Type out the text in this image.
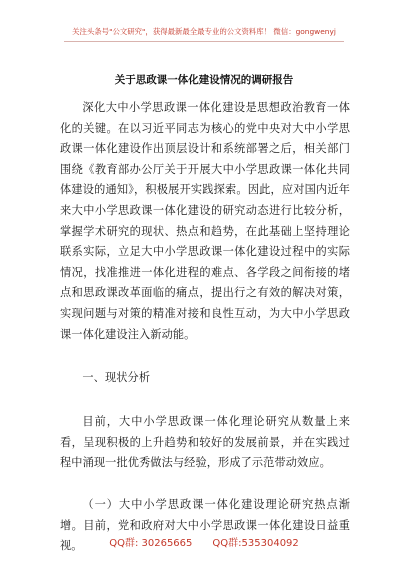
关注头条号"公文研究"，获得最新最全最专业的公文资料库！ 微信：gongwenyj
关于思政课一体化建设情况的调研报告

深化大中小学思政课一体化建设是思想政治教育一体化的关键。在以习近平同志为核心的党中央对大中小学思政课一体化建设作出顶层设计和系统部署之后，相关部门围绕《教育部办公厅关于开展大中小学思政课一体化共同体建设的通知》，积极展开实践探索。因此，应对国内近年来大中小学思政课一体化建设的研究动态进行比较分析，掌握学术研究的现状、热点和趋势，在此基础上坚持理论联系实际，立足大中小学思政课一体化建设过程中的实际情况，找准推进一体化进程的难点、各学段之间衔接的堵点和思政课改革面临的痛点，提出行之有效的解决对策，实现问题与对策的精准对接和良性互动，为大中小学思政课一体化建设注入新动能。

一、现状分析

目前，大中小学思政课一体化理论研究从数量上来看，呈现积极的上升趋势和较好的发展前景，并在实践过程中涌现一批优秀做法与经验，形成了示范带动效应。

（一）大中小学思政课一体化建设理论研究热点渐增。目前，党和政府对大中小学思政课一体化建设日益重视。	QQ群: 30265665 QQ群:535304092
